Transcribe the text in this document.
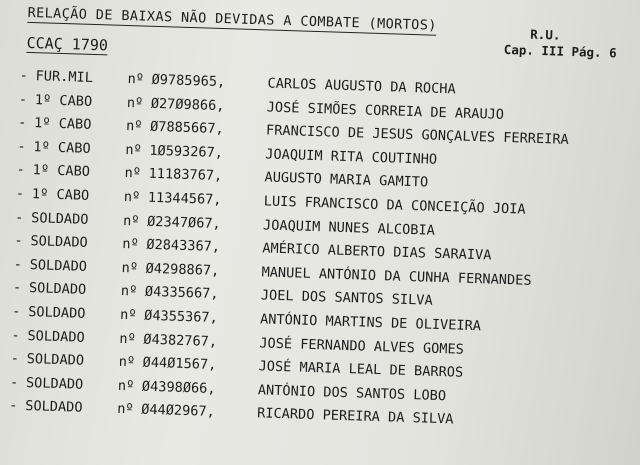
RELAÇÃO DE BAIXAS NÃO DEVIDAS A COMBATE (MORTOS)
CCAÇ 1790	R.U.
Cap. III Pág. 6
- FUR.MIL	nº Ø9785965,	CARLOS AUGUSTO DA ROCHA
- 1º CABO	nº Ø27Ø9866,	JOSÉ SIMÕES CORREIA DE ARAUJO
- 1º CABO	nº Ø7885667,	FRANCISCO DE JESUS GONÇALVES FERREIRA
- 1º CABO	nº 1Ø593267,	JOAQUIM RITA COUTINHO
- 1º CABO	nº 11183767,	AUGUSTO MARIA GAMITO
- 1º CABO	nº 11344567,	LUIS FRANCISCO DA CONCEIÇÃO JOIA
- SOLDADO	nº Ø2347Ø67,	JOAQUIM NUNES ALCOBIA
- SOLDADO	nº Ø2843367,	AMÉRICO ALBERTO DIAS SARAIVA
- SOLDADO	nº Ø4298867,	MANUEL ANTÓNIO DA CUNHA FERNANDES
- SOLDADO	nº Ø4335667,	JOEL DOS SANTOS SILVA
- SOLDADO	nº Ø4355367,	ANTÓNIO MARTINS DE OLIVEIRA
- SOLDADO	nº Ø4382767,	JOSÉ FERNANDO ALVES GOMES
- SOLDADO	nº Ø44Ø1567,	JOSÉ MARIA LEAL DE BARROS
- SOLDADO	nº Ø4398Ø66,	ANTÓNIO DOS SANTOS LOBO
- SOLDADO	nº Ø44Ø2967,	RICARDO PEREIRA DA SILVA
